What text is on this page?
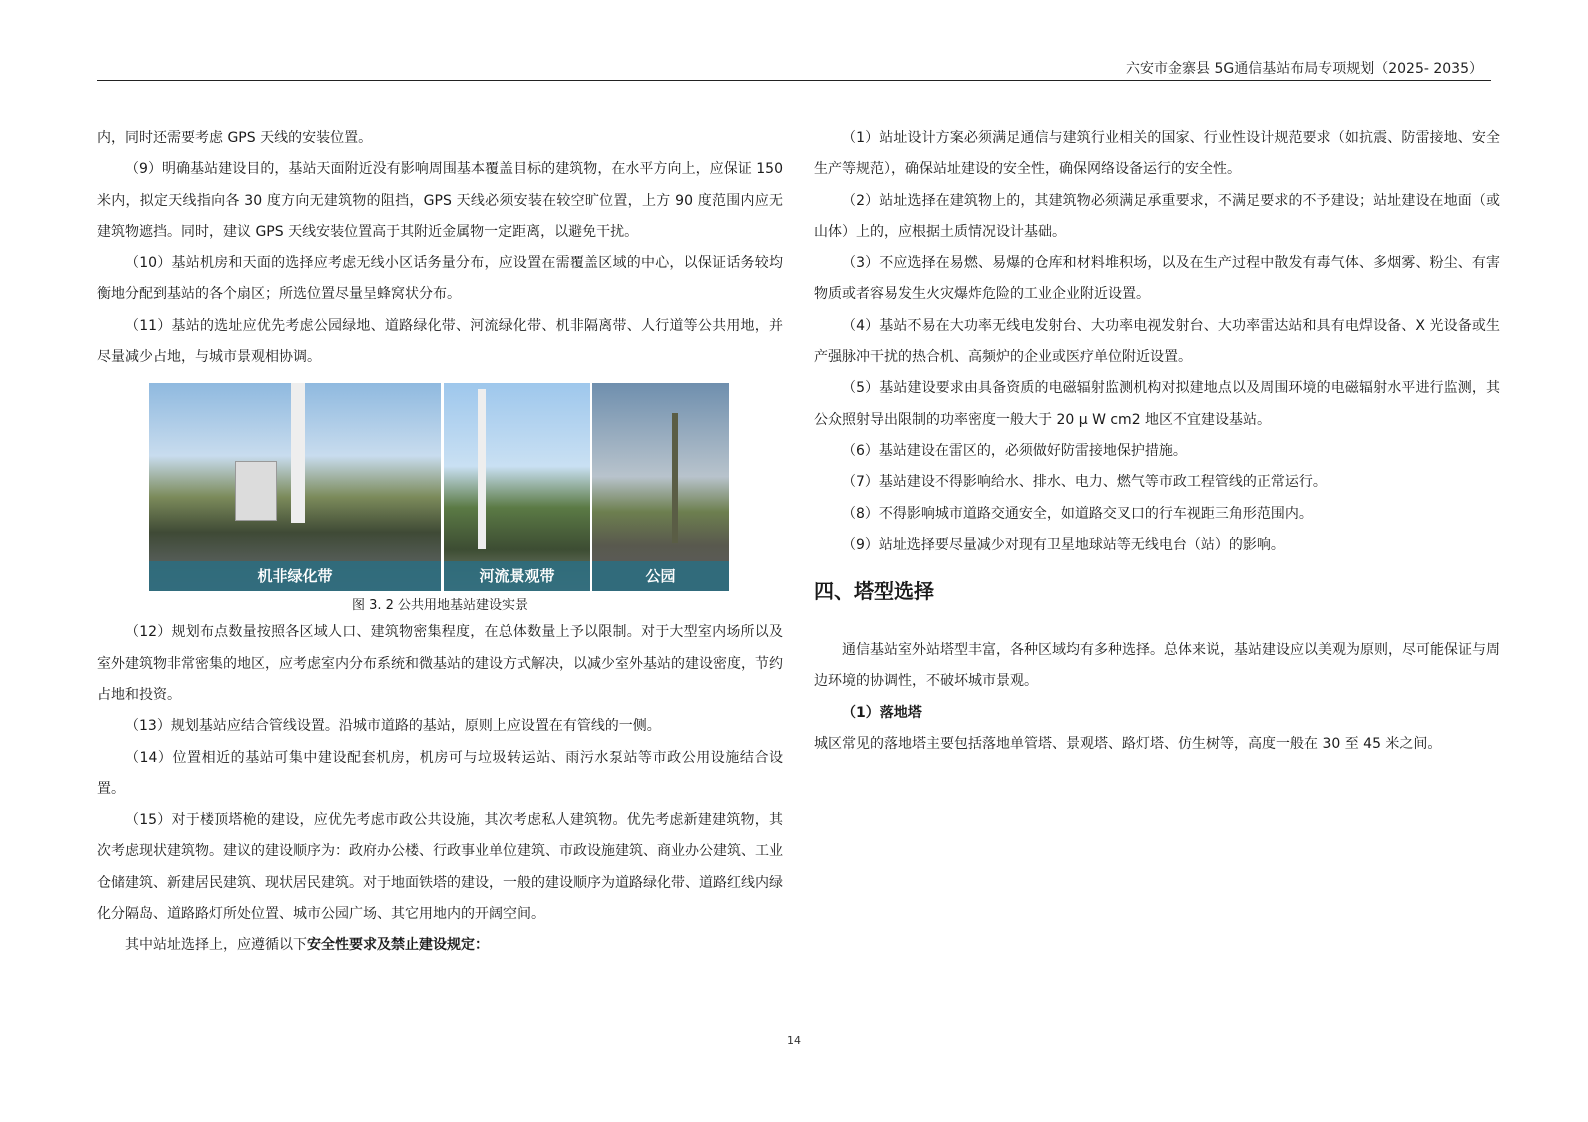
六安市金寨县 5G通信基站布局专项规划（2025- 2035）

内，同时还需要考虑 GPS 天线的安装位置。

（9）明确基站建设目的，基站天面附近没有影响周围基本覆盖目标的建筑物，在水平方向上，应保证 150 米内，拟定天线指向各 30 度方向无建筑物的阻挡，GPS 天线必须安装在较空旷位置，上方 90 度范围内应无建筑物遮挡。同时，建议 GPS 天线安装位置高于其附近金属物一定距离，以避免干扰。

（10）基站机房和天面的选择应考虑无线小区话务量分布，应设置在需覆盖区域的中心，以保证话务较均衡地分配到基站的各个扇区；所选位置尽量呈蜂窝状分布。

（11）基站的选址应优先考虑公园绿地、道路绿化带、河流绿化带、机非隔离带、人行道等公共用地，并尽量减少占地，与城市景观相协调。

机非绿化带	河流景观带	公园

图 3. 2 公共用地基站建设实景

（12）规划布点数量按照各区域人口、建筑物密集程度，在总体数量上予以限制。对于大型室内场所以及室外建筑物非常密集的地区，应考虑室内分布系统和微基站的建设方式解决，以减少室外基站的建设密度，节约占地和投资。

（13）规划基站应结合管线设置。沿城市道路的基站，原则上应设置在有管线的一侧。

（14）位置相近的基站可集中建设配套机房，机房可与垃圾转运站、雨污水泵站等市政公用设施结合设置。

（15）对于楼顶塔桅的建设，应优先考虑市政公共设施，其次考虑私人建筑物。优先考虑新建建筑物，其次考虑现状建筑物。建议的建设顺序为：政府办公楼、行政事业单位建筑、市政设施建筑、商业办公建筑、工业仓储建筑、新建居民建筑、现状居民建筑。对于地面铁塔的建设，一般的建设顺序为道路绿化带、道路红线内绿化分隔岛、道路路灯所处位置、城市公园广场、其它用地内的开阔空间。

其中站址选择上，应遵循以下安全性要求及禁止建设规定：

（1）站址设计方案必须满足通信与建筑行业相关的国家、行业性设计规范要求（如抗震、防雷接地、安全生产等规范），确保站址建设的安全性，确保网络设备运行的安全性。

（2）站址选择在建筑物上的，其建筑物必须满足承重要求，不满足要求的不予建设；站址建设在地面（或山体）上的，应根据土质情况设计基础。

（3）不应选择在易燃、易爆的仓库和材料堆积场，以及在生产过程中散发有毒气体、多烟雾、粉尘、有害物质或者容易发生火灾爆炸危险的工业企业附近设置。

（4）基站不易在大功率无线电发射台、大功率电视发射台、大功率雷达站和具有电焊设备、X 光设备或生产强脉冲干扰的热合机、高频炉的企业或医疗单位附近设置。

（5）基站建设要求由具备资质的电磁辐射监测机构对拟建地点以及周围环境的电磁辐射水平进行监测，其公众照射导出限制的功率密度一般大于 20 μ W cm2 地区不宜建设基站。

（6）基站建设在雷区的，必须做好防雷接地保护措施。

（7）基站建设不得影响给水、排水、电力、燃气等市政工程管线的正常运行。

（8）不得影响城市道路交通安全，如道路交叉口的行车视距三角形范围内。

（9）站址选择要尽量减少对现有卫星地球站等无线电台（站）的影响。

四、塔型选择

通信基站室外站塔型丰富，各种区域均有多种选择。总体来说，基站建设应以美观为原则，尽可能保证与周边环境的协调性，不破坏城市景观。

（1）落地塔

城区常见的落地塔主要包括落地单管塔、景观塔、路灯塔、仿生树等，高度一般在 30 至 45 米之间。

14
